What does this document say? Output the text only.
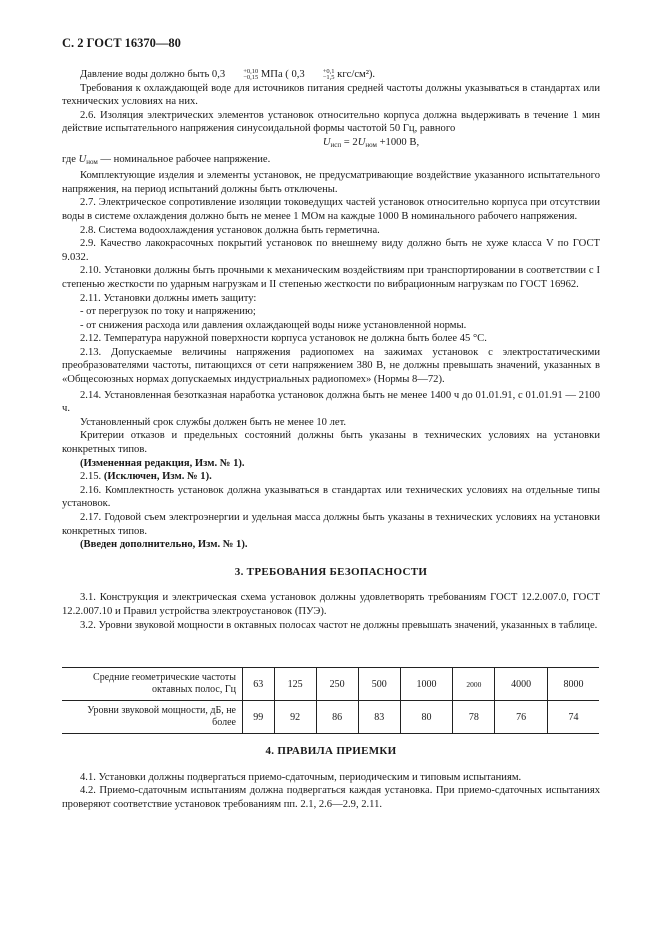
С. 2 ГОСТ 16370—80

Давление воды должно быть 0,3	+0,10
−0,15 МПа ( 0,3	+0,1
−1,5 кгс/см²).

Требования к охлаждающей воде для источников питания средней частоты должны указываться в стандартах или технических условиях на них.

2.6. Изоляция электрических элементов установок относительно корпуса должна выдерживать в течение 1 мин действие испытательного напряжения синусоидальной формы частотой 50 Гц, равного

$U_{исп} = 2U_{ном} +1000$ В,

где $U_{ном}$ — номинальное рабочее напряжение.

Комплектующие изделия и элементы установок, не предусматривающие воздействие указанного испытательного напряжения, на период испытаний должны быть отключены.

2.7. Электрическое сопротивление изоляции токоведущих частей установок относительно корпуса при отсутствии воды в системе охлаждения должно быть не менее 1 МОм на каждые 1000 В номинального рабочего напряжения.

2.8. Система водоохлаждения установок должна быть герметична.

2.9. Качество лакокрасочных покрытий установок по внешнему виду должно быть не хуже класса V по ГОСТ 9.032.

2.10. Установки должны быть прочными к механическим воздействиям при транспортировании в соответствии с I степенью жесткости по ударным нагрузкам и II степенью жесткости по вибрационным нагрузкам по ГОСТ 16962.

2.11. Установки должны иметь защиту:

- от перегрузок по току и напряжению;

- от снижения расхода или давления охлаждающей воды ниже установленной нормы.

2.12. Температура наружной поверхности корпуса установок не должна быть более 45 °С.

2.13. Допускаемые величины напряжения радиопомех на зажимах установок с электростатическими преобразователями частоты, питающихся от сети напряжением 380 В, не должны превышать значений, указанных в «Общесоюзных нормах допускаемых индустриальных радиопомех» (Нормы 8—72).

2.14. Установленная безотказная наработка установок должна быть не менее 1400 ч до 01.01.91, с 01.01.91 — 2100 ч.

Установленный срок службы должен быть не менее 10 лет.

Критерии отказов и предельных состояний должны быть указаны в технических условиях на установки конкретных типов.

(Измененная редакция, Изм. № 1).

2.15. (Исключен, Изм. № 1).

2.16. Комплектность установок должна указываться в стандартах или технических условиях на отдельные типы установок.

2.17. Годовой съем электроэнергии и удельная масса должны быть указаны в технических условиях на установки конкретных типов.

(Введен дополнительно, Изм. № 1).

3. ТРЕБОВАНИЯ БЕЗОПАСНОСТИ

3.1. Конструкция и электрическая схема установок должны удовлетворять требованиям ГОСТ 12.2.007.0, ГОСТ 12.2.007.10 и Правил устройства электроустановок (ПУЭ).

3.2. Уровни звуковой мощности в октавных полосах частот не должны превышать значений, указанных в таблице.

Средние геометрические частоты октавных полос, Гц	63	125	250	500	1000	2000	4000	8000
Уровни звуковой мощности, дБ, не более	99	92	86	83	80	78	76	74
4. ПРАВИЛА ПРИЕМКИ

4.1. Установки должны подвергаться приемо-сдаточным, периодическим и типовым испытаниям.

4.2. Приемо-сдаточным испытаниям должна подвергаться каждая установка. При приемо-сдаточных испытаниях проверяют соответствие установок требованиям пп. 2.1, 2.6—2.9, 2.11.
